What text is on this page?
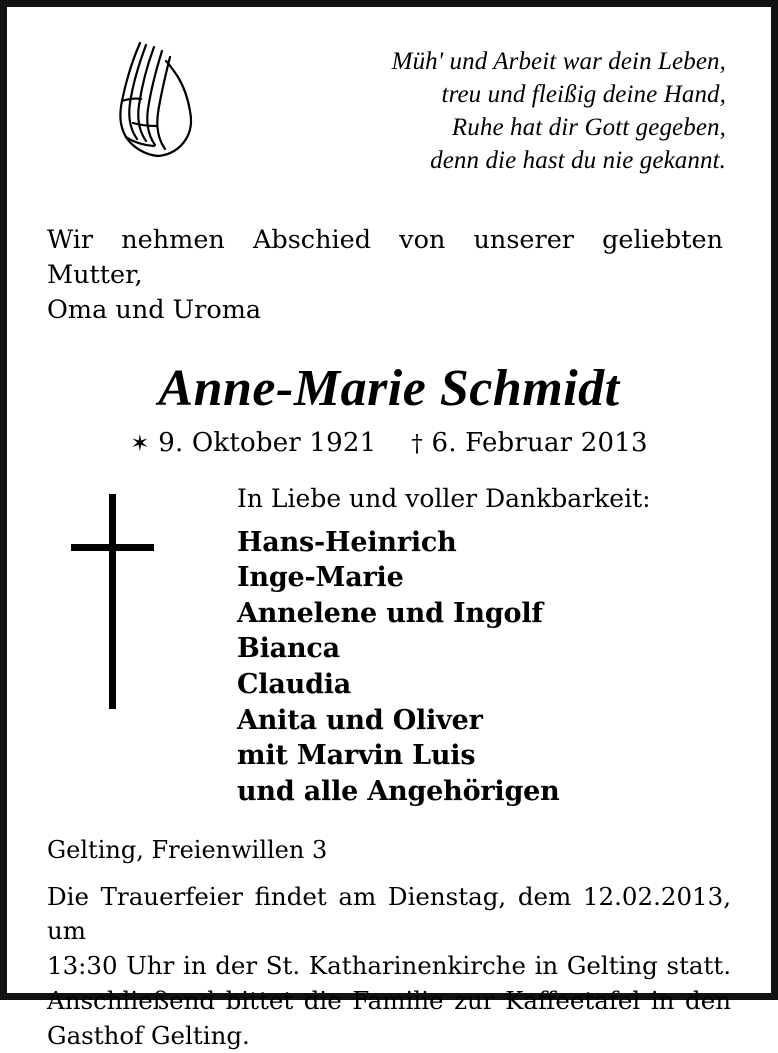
Müh' und Arbeit war dein Leben,
treu und fleißig deine Hand,
Ruhe hat dir Gott gegeben,
denn die hast du nie gekannt.
Wir nehmen Abschied von unserer geliebten Mutter,
Oma und Uroma
Anne-Marie Schmidt
✶ 9. Oktober 1921 † 6. Februar 2013
In Liebe und voller Dankbarkeit:
Hans-Heinrich
Inge-Marie
Annelene und Ingolf
Bianca
Claudia
Anita und Oliver
mit Marvin Luis
und alle Angehörigen
Gelting, Freienwillen 3
Die Trauerfeier findet am Dienstag, dem 12.02.2013, um
13:30 Uhr in der St. Katharinenkirche in Gelting statt.
Anschließend bittet die Familie zur Kaffeetafel in den
Gasthof Gelting.
